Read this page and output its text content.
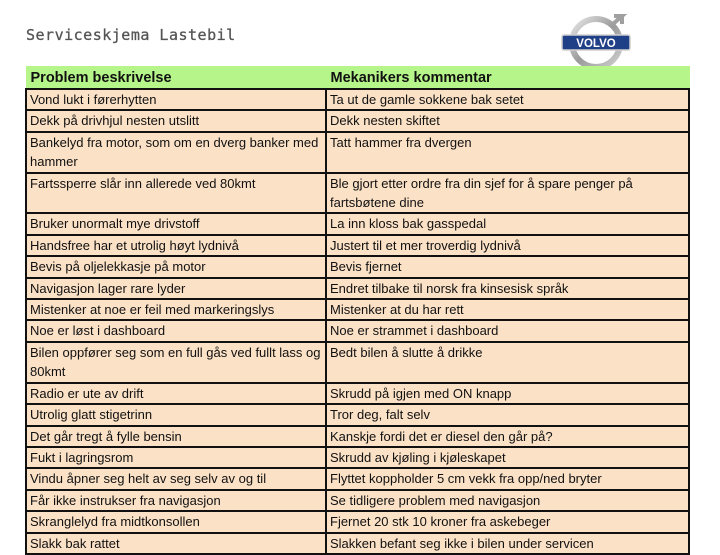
Serviceskjema Lastebil	VOLVO
Problem beskrivelse	Mekanikers kommentar
Vond lukt i førerhytten	Ta ut de gamle sokkene bak setet
Dekk på drivhjul nesten utslitt	Dekk nesten skiftet
Bankelyd fra motor, som om en dverg banker med hammer	Tatt hammer fra dvergen
Fartssperre slår inn allerede ved 80kmt	Ble gjort etter ordre fra din sjef for å spare penger på fartsbøtene dine
Bruker unormalt mye drivstoff	La inn kloss bak gasspedal
Handsfree har et utrolig høyt lydnivå	Justert til et mer troverdig lydnivå
Bevis på oljelekkasje på motor	Bevis fjernet
Navigasjon lager rare lyder	Endret tilbake til norsk fra kinsesisk språk
Mistenker at noe er feil med markeringslys	Mistenker at du har rett
Noe er løst i dashboard	Noe er strammet i dashboard
Bilen oppfører seg som en full gås ved fullt lass og 80kmt	Bedt bilen å slutte å drikke
Radio er ute av drift	Skrudd på igjen med ON knapp
Utrolig glatt stigetrinn	Tror deg, falt selv
Det går tregt å fylle bensin	Kanskje fordi det er diesel den går på?
Fukt i lagringsrom	Skrudd av kjøling i kjøleskapet
Vindu åpner seg helt av seg selv av og til	Flyttet koppholder 5 cm vekk fra opp/ned bryter
Får ikke instrukser fra navigasjon	Se tidligere problem med navigasjon
Skranglelyd fra midtkonsollen	Fjernet 20 stk 10 kroner fra askebeger
Slakk bak rattet	Slakken befant seg ikke i bilen under servicen
